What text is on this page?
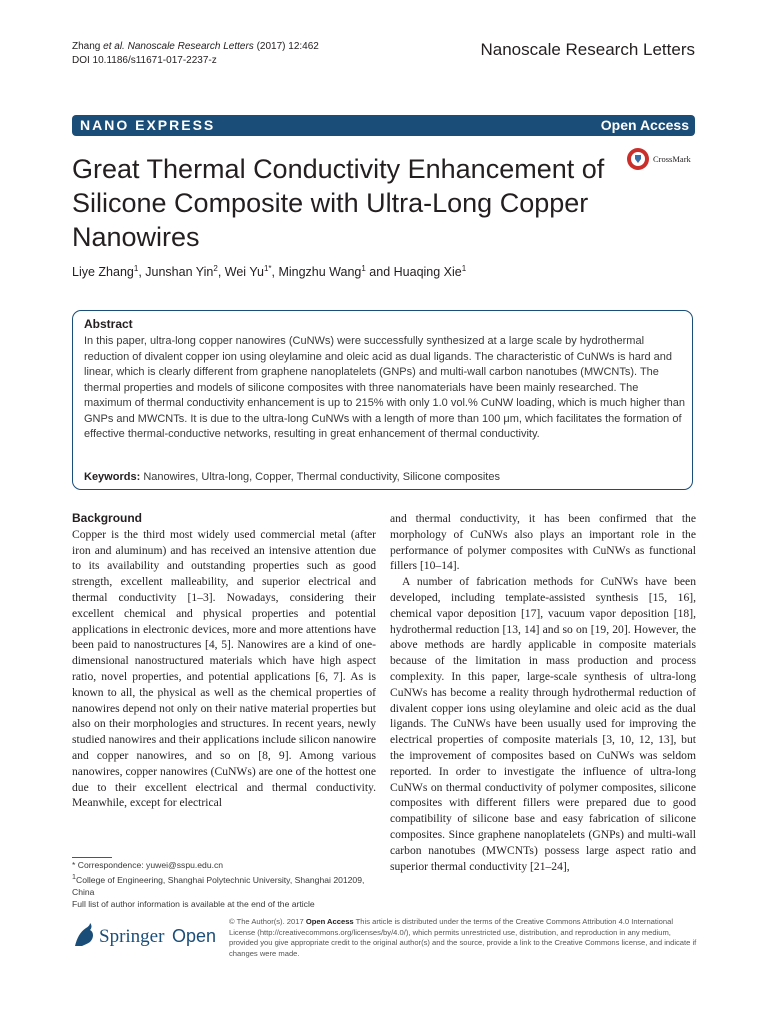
Zhang et al. Nanoscale Research Letters (2017) 12:462
DOI 10.1186/s11671-017-2237-z
Nanoscale Research Letters
NANO EXPRESS	Open Access
Great Thermal Conductivity Enhancement of Silicone Composite with Ultra-Long Copper Nanowires
CrossMark
Liye Zhang$^1$, Junshan Yin$^2$, Wei $Yu^{1*}$, Mingzhu Wang$^1$ and Huaqing Xie$^1$
Abstract
In this paper, ultra-long copper nanowires (CuNWs) were successfully synthesized at a large scale by hydrothermal reduction of divalent copper ion using oleylamine and oleic acid as dual ligands. The characteristic of CuNWs is hard and linear, which is clearly different from graphene nanoplatelets (GNPs) and multi-wall carbon nanotubes (MWCNTs). The thermal properties and models of silicone composites with three nanomaterials have been mainly researched. The maximum of thermal conductivity enhancement is up to 215% with only 1.0 vol.% CuNW loading, which is much higher than GNPs and MWCNTs. It is due to the ultra-long CuNWs with a length of more than 100 μm, which facilitates the formation of effective thermal-conductive networks, resulting in great enhancement of thermal conductivity.
Keywords: Nanowires, Ultra-long, Copper, Thermal conductivity, Silicone composites
Background
Copper is the third most widely used commercial metal (after iron and aluminum) and has received an intensive attention due to its availability and outstanding properties such as good strength, excellent malleability, and superior electrical and thermal conductivity [1–3]. Nowadays, considering their excellent chemical and physical properties and potential applications in electronic devices, more and more attentions have been paid to nanostructures [4, 5]. Nanowires are a kind of one-dimensional nanostructured materials which have high aspect ratio, novel properties, and potential applications [6, 7]. As is known to all, the physical as well as the chemical properties of nanowires depend not only on their native material properties but also on their morphologies and structures. In recent years, newly studied nanowires and their applications include silicon nanowire and copper nanowires, and so on [8, 9]. Among various nanowires, copper nanowires (CuNWs) are one of the hottest one due to their excellent electrical and thermal conductivity. Meanwhile, except for electrical
and thermal conductivity, it has been confirmed that the morphology of CuNWs also plays an important role in the performance of polymer composites with CuNWs as functional fillers [10–14].
A number of fabrication methods for CuNWs have been developed, including template-assisted synthesis [15, 16], chemical vapor deposition [17], vacuum vapor deposition [18], hydrothermal reduction [13, 14] and so on [19, 20]. However, the above methods are hardly applicable in composite materials because of the limitation in mass production and process complexity. In this paper, large-scale synthesis of ultra-long CuNWs has become a reality through hydrothermal reduction of divalent copper ions using oleylamine and oleic acid as the dual ligands. The CuNWs have been usually used for improving the electrical properties of composite materials [3, 10, 12, 13], but the improvement of composites based on CuNWs was seldom reported. In order to investigate the influence of ultra-long CuNWs on thermal conductivity of polymer composites, silicone composites with different fillers were prepared due to good compatibility of silicone base and easy fabrication of silicone composites. Since graphene nanoplatelets (GNPs) and multi-wall carbon nanotubes (MWCNTs) possess large aspect ratio and superior thermal conductivity [21–24],
* Correspondence: yuwei@sspu.edu.cn
$^1$College of Engineering, Shanghai Polytechnic University, Shanghai 201209, China
Full list of author information is available at the end of the article
Springer Open
© The Author(s). 2017 Open Access This article is distributed under the terms of the Creative Commons Attribution 4.0 International License (http://creativecommons.org/licenses/by/4.0/), which permits unrestricted use, distribution, and reproduction in any medium, provided you give appropriate credit to the original author(s) and the source, provide a link to the Creative Commons license, and indicate if changes were made.
